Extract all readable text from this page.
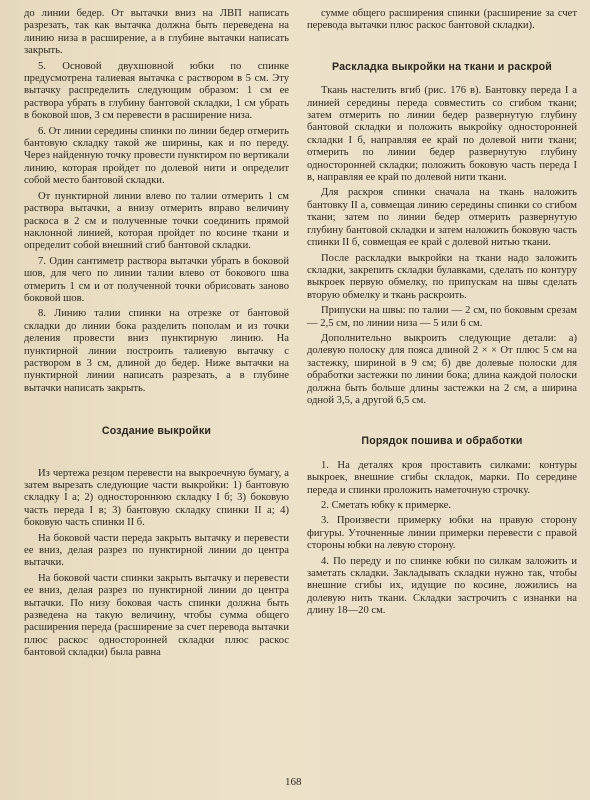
до линии бедер. От вытачки вниз на ЛВП написать разрезать, так как вытачка должна быть переведена на линию низа в расширение, а в глубине вытачки написать закрыть.

5. Основой двухшовной юбки по спинке предусмотрена талиевая вытачка с раствором в 5 см. Эту вытачку распределить следующим образом: 1 см ее раствора убрать в глубину бантовой складки, 1 см убрать в боковой шов, 3 см перевести в расширение низа.

6. От линии середины спинки по линии бедер отмерить бантовую складку такой же ширины, как и по переду. Через найденную точку провести пунктиром по вертикали линию, которая пройдет по долевой нити и определит собой место бантовой складки.

От пунктирной линии влево по талии отмерить 1 см раствора вытачки, а внизу отмерить вправо величину раскоса в 2 см и полученные точки соединить прямой наклонной линией, которая пройдет по косине ткани и определит собой внешний сгиб бантовой складки.

7. Один сантиметр раствора вытачки убрать в боковой шов, для чего по линии талии влево от бокового шва отмерить 1 см и от полученной точки обрисовать заново боковой шов.

8. Линию талии спинки на отрезке от бантовой складки до линии бока разделить пополам и из точки деления провести вниз пунктирную линию. На пунктирной линии построить талиевую вытачку с раствором в 3 см, длиной до бедер. Ниже вытачки на пунктирной линии написать разрезать, а в глубине вытачки написать закрыть.

Создание выкройки

Из чертежа резцом перевести на выкроечную бумагу, а затем вырезать следующие части выкройки: 1) бантовую складку I а; 2) одностороннюю складку I б; 3) боковую часть переда I в; 3) бантовую складку спинки II а; 4) боковую часть спинки II б.

На боковой части переда закрыть вытачку и перевести ее вниз, делая разрез по пунктирной линии до центра вытачки.

На боковой части спинки закрыть вытачку и перевести ее вниз, делая разрез по пунктирной линии до центра вытачки. По низу боковая часть спинки должна быть разведена на такую величину, чтобы сумма общего расширения переда (расширение за счет перевода вытачки плюс раскос односторонней складки плюс раскос бантовой складки) была равна

сумме общего расширения спинки (расширение за счет перевода вытачки плюс раскос бантовой складки).

Раскладка выкройки на ткани и раскрой

Ткань настелить вгиб (рис. 176 в). Бантовку переда I а линией середины переда совместить со сгибом ткани; затем отмерить по линии бедер развернутую глубину бантовой складки и положить выкройку односторонней складки I б, направляя ее край по долевой нити ткани; отмерить по линии бедер развернутую глубину односторонней складки; положить боковую часть переда I в, направляя ее край по долевой нити ткани.

Для раскроя спинки сначала на ткань наложить бантовку II а, совмещая линию середины спинки со сгибом ткани; затем по линии бедер отмерить развернутую глубину бантовой складки и затем наложить боковую часть спинки II б, совмещая ее край с долевой нитью ткани.

После раскладки выкройки на ткани надо заложить складки, закрепить складки булавками, сделать по контуру выкроек первую обмелку, по припускам на швы сделать вторую обмелку и ткань раскроить.

Припуски на швы: по талии — 2 см, по боковым срезам — 2,5 см, по линии низа — 5 или 6 см.

Дополнительно выкроить следующие детали: а) долевую полоску для пояса длиной 2 × × От плюс 5 см на застежку, шириной в 9 см; б) две долевые полоски для обработки застежки по линии бока; длина каждой полоски должна быть больше длины застежки на 2 см, а ширина одной 3,5, а другой 6,5 см.

Порядок пошива и обработки

1. На деталях кроя проставить силками: контуры выкроек, внешние сгибы складок, марки. По середине переда и спинки проложить наметочную строчку.

2. Сметать юбку к примерке.

3. Произвести примерку юбки на правую сторону фигуры. Уточненные линии примерки перевести с правой стороны юбки на левую сторону.

4. По переду и по спинке юбки по силкам заложить и заметать складки. Закладывать складки нужно так, чтобы внешние сгибы их, идущие по косине, ложились на долевую нить ткани. Складки застрочить с изнанки на длину 18—20 см.

168
